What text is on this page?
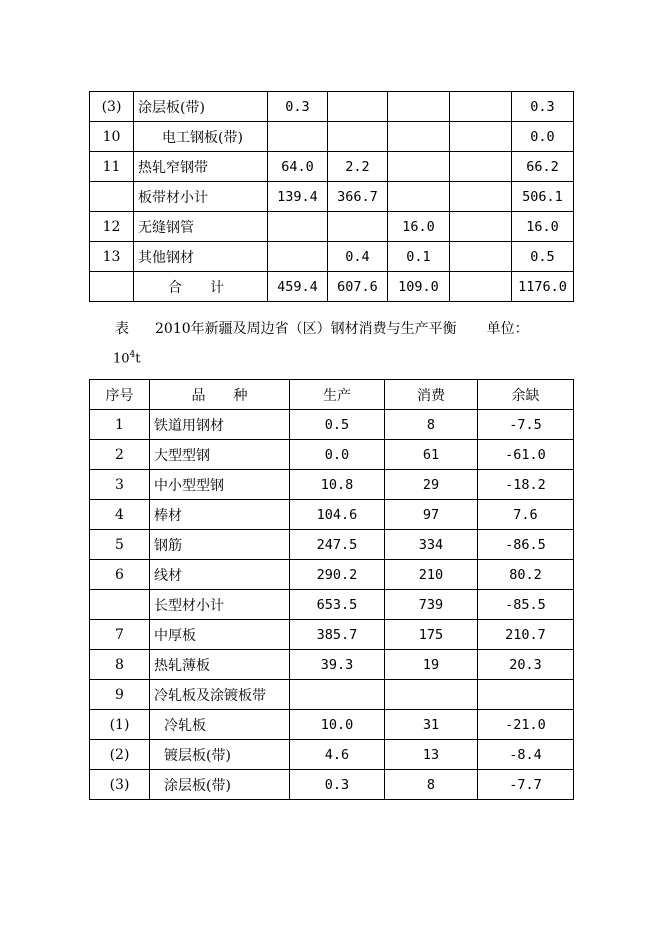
(3)	涂层板(带)	0.3				0.3
10	电工钢板(带)					0.0
11	热轧窄钢带	64.0	2.2			66.2
	板带材小计	139.4	366.7			506.1
12	无缝钢管			16.0		16.0
13	其他钢材		0.4	0.1		0.5
	合　　计	459.4	607.6	109.0		1176.0
表 2010年新疆及周边省（区）钢材消费与生产平衡 单位：
$10^4t$
序号	品　　种	生产	消费	余缺
1	铁道用钢材	0.5	8	-7.5
2	大型型钢	0.0	61	-61.0
3	中小型型钢	10.8	29	-18.2
4	棒材	104.6	97	7.6
5	钢筋	247.5	334	-86.5
6	线材	290.2	210	80.2
	长型材小计	653.5	739	-85.5
7	中厚板	385.7	175	210.7
8	热轧薄板	39.3	19	20.3
9	冷轧板及涂镀板带			
(1)	冷轧板	10.0	31	-21.0
(2)	镀层板(带)	4.6	13	-8.4
(3)	涂层板(带)	0.3	8	-7.7
